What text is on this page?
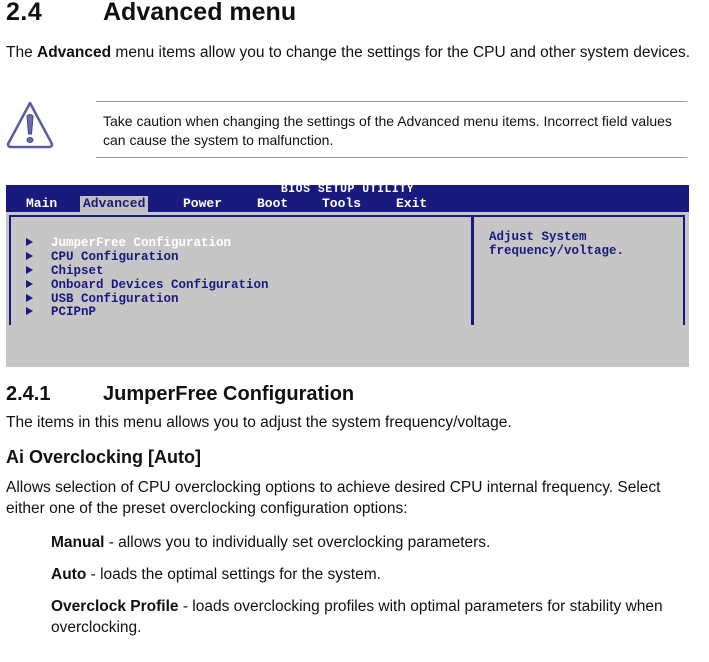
2.4 Advanced menu
The Advanced menu items allow you to change the settings for the CPU and other system devices.
Take caution when changing the settings of the Advanced menu items. Incorrect field values can cause the system to malfunction.
BIOS SETUP UTILITY
Main Advanced	Power	Boot	Tools	Exit
JumperFree Configuration
CPU Configuration
Chipset
Onboard Devices Configuration
USB Configuration
PCIPnP
Adjust System frequency/voltage.
2.4.1	JumperFree Configuration
The items in this menu allows you to adjust the system frequency/voltage.
Ai Overclocking [Auto]
Allows selection of CPU overclocking options to achieve desired CPU internal frequency. Select either one of the preset overclocking configuration options:
Manual - allows you to individually set overclocking parameters.
Auto - loads the optimal settings for the system.
Overclock Profile - loads overclocking profiles with optimal parameters for stability when overclocking.
